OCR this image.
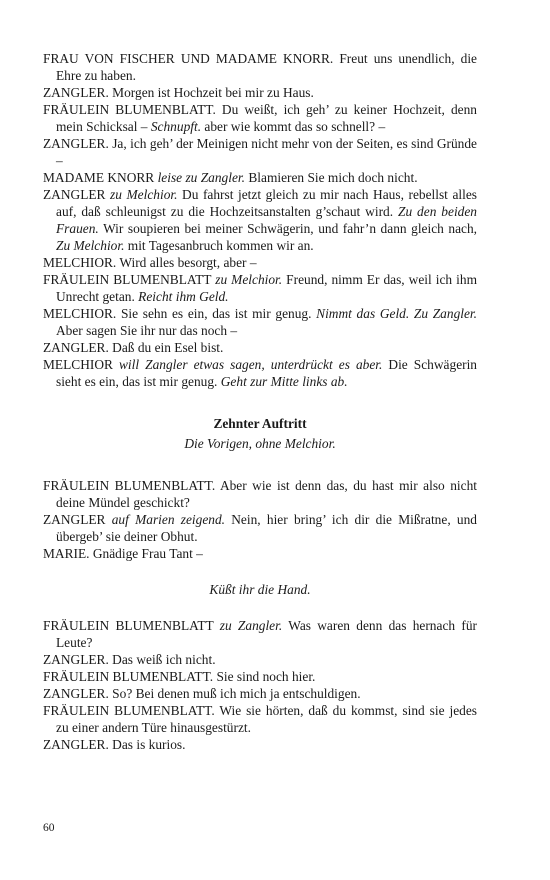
FRAU VON FISCHER UND MADAME KNORR. Freut uns unendlich, die Ehre zu haben.

ZANGLER. Morgen ist Hochzeit bei mir zu Haus.

FRÄULEIN BLUMENBLATT. Du weißt, ich geh’ zu keiner Hochzeit, denn mein Schicksal – Schnupft. aber wie kommt das so schnell? –

ZANGLER. Ja, ich geh’ der Meinigen nicht mehr von der Seiten, es sind Gründe –

MADAME KNORR leise zu Zangler. Blamieren Sie mich doch nicht.

ZANGLER zu Melchior. Du fahrst jetzt gleich zu mir nach Haus, rebellst alles auf, daß schleunigst zu die Hochzeitsanstalten g’schaut wird. Zu den beiden Frauen. Wir soupieren bei meiner Schwägerin, und fahr’n dann gleich nach, Zu Melchior. mit Tagesanbruch kommen wir an.

MELCHIOR. Wird alles besorgt, aber –

FRÄULEIN BLUMENBLATT zu Melchior. Freund, nimm Er das, weil ich ihm Unrecht getan. Reicht ihm Geld.

MELCHIOR. Sie sehn es ein, das ist mir genug. Nimmt das Geld. Zu Zangler. Aber sagen Sie ihr nur das noch –

ZANGLER. Daß du ein Esel bist.

MELCHIOR will Zangler etwas sagen, unterdrückt es aber. Die Schwägerin sieht es ein, das ist mir genug. Geht zur Mitte links ab.

Zehnter Auftritt
Die Vorigen, ohne Melchior.

FRÄULEIN BLUMENBLATT. Aber wie ist denn das, du hast mir also nicht deine Mündel geschickt?

ZANGLER auf Marien zeigend. Nein, hier bring’ ich dir die Mißratne, und übergeb’ sie deiner Obhut.

MARIE. Gnädige Frau Tant –

Küßt ihr die Hand.

FRÄULEIN BLUMENBLATT zu Zangler. Was waren denn das hernach für Leute?

ZANGLER. Das weiß ich nicht.

FRÄULEIN BLUMENBLATT. Sie sind noch hier.

ZANGLER. So? Bei denen muß ich mich ja entschuldigen.

FRÄULEIN BLUMENBLATT. Wie sie hörten, daß du kommst, sind sie jedes zu einer andern Türe hinausgestürzt.

ZANGLER. Das is kurios.

60
